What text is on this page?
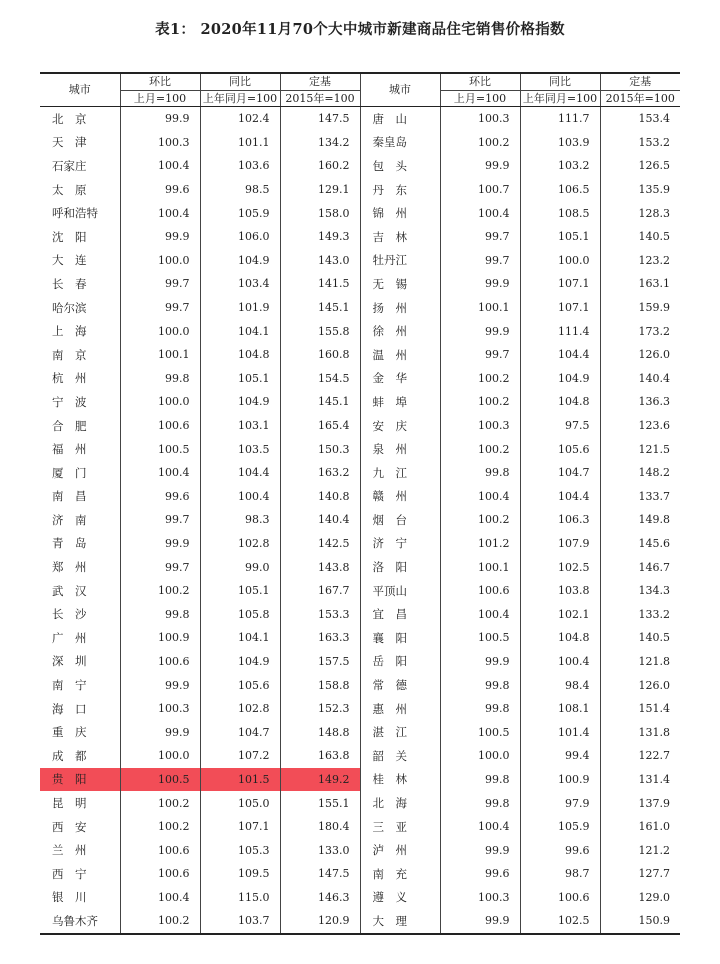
表1： 2020年11月70个大中城市新建商品住宅销售价格指数
城市	环比	同比	定基	城市	环比	同比	定基
	上月=100	上年同月=100	2015年=100		上月=100	上年同月=100	2015年=100
北　京	99.9	102.4	147.5	唐　山	100.3	111.7	153.4
天　津	100.3	101.1	134.2	秦皇岛	100.2	103.9	153.2
石家庄	100.4	103.6	160.2	包　头	99.9	103.2	126.5
太　原	99.6	98.5	129.1	丹　东	100.7	106.5	135.9
呼和浩特	100.4	105.9	158.0	锦　州	100.4	108.5	128.3
沈　阳	99.9	106.0	149.3	吉　林	99.7	105.1	140.5
大　连	100.0	104.9	143.0	牡丹江	99.7	100.0	123.2
长　春	99.7	103.4	141.5	无　锡	99.9	107.1	163.1
哈尔滨	99.7	101.9	145.1	扬　州	100.1	107.1	159.9
上　海	100.0	104.1	155.8	徐　州	99.9	111.4	173.2
南　京	100.1	104.8	160.8	温　州	99.7	104.4	126.0
杭　州	99.8	105.1	154.5	金　华	100.2	104.9	140.4
宁　波	100.0	104.9	145.1	蚌　埠	100.2	104.8	136.3
合　肥	100.6	103.1	165.4	安　庆	100.3	97.5	123.6
福　州	100.5	103.5	150.3	泉　州	100.2	105.6	121.5
厦　门	100.4	104.4	163.2	九　江	99.8	104.7	148.2
南　昌	99.6	100.4	140.8	赣　州	100.4	104.4	133.7
济　南	99.7	98.3	140.4	烟　台	100.2	106.3	149.8
青　岛	99.9	102.8	142.5	济　宁	101.2	107.9	145.6
郑　州	99.7	99.0	143.8	洛　阳	100.1	102.5	146.7
武　汉	100.2	105.1	167.7	平顶山	100.6	103.8	134.3
长　沙	99.8	105.8	153.3	宜　昌	100.4	102.1	133.2
广　州	100.9	104.1	163.3	襄　阳	100.5	104.8	140.5
深　圳	100.6	104.9	157.5	岳　阳	99.9	100.4	121.8
南　宁	99.9	105.6	158.8	常　德	99.8	98.4	126.0
海　口	100.3	102.8	152.3	惠　州	99.8	108.1	151.4
重　庆	99.9	104.7	148.8	湛　江	100.5	101.4	131.8
成　都	100.0	107.2	163.8	韶　关	100.0	99.4	122.7
贵　阳	100.5	101.5	149.2	桂　林	99.8	100.9	131.4
昆　明	100.2	105.0	155.1	北　海	99.8	97.9	137.9
西　安	100.2	107.1	180.4	三　亚	100.4	105.9	161.0
兰　州	100.6	105.3	133.0	泸　州	99.9	99.6	121.2
西　宁	100.6	109.5	147.5	南　充	99.6	98.7	127.7
银　川	100.4	115.0	146.3	遵　义	100.3	100.6	129.0
乌鲁木齐	100.2	103.7	120.9	大　理	99.9	102.5	150.9
